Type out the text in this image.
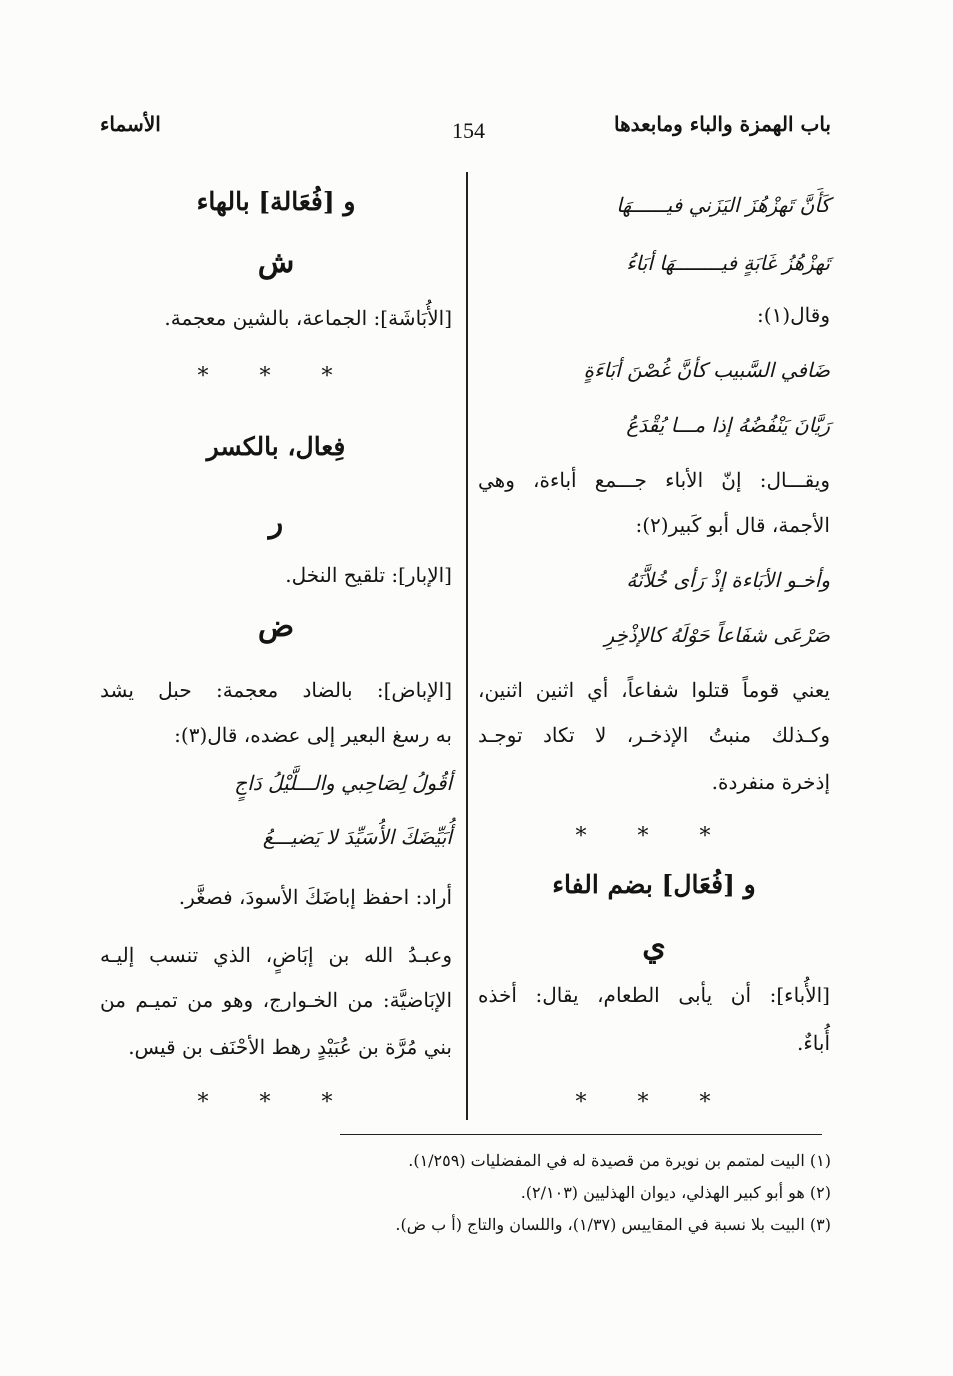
باب الهمزة والباء ومابعدها
154
الأسماء
كَأَنَّ تَهزْهُزَ اليَزَني فيــــــهَا
تَهزْهُزُ غَابَةٍ فيــــــــهَا أبَاءُ
وقال(١):
ضَافي السَّبيب كأنَّ غُصْنَ أبَاءَةٍ
رَيَّانَ يَنْفُضُهُ إذا مـــا يُقْدَعُ
ويقـــال: إنّ الأباء جـــمع أباءة، وهي
الأجمة، قال أبو كَبير(٢):
وأخـو الأبَاءة إذْ رَأى خُلاَّنَهُ
صَرْعَى شفَاعاً حَوْلَهُ كالإذْخِرِ
يعني قوماً قتلوا شفاعاً، أي اثنين اثنين،
وكـذلك منبتُ الإذخـر، لا تكاد توجـد
إذخرة منفردة.
* * *
و [فُعَال] بضم الفاء
ي
[الأُباء]: أن يأبى الطعام، يقال: أخذه
أُباءٌ.
* * *
و [فُعَالة] بالهاء
ش
[الأُبَاشَة]: الجماعة، بالشين معجمة.
* * *
فِعال، بالكسر
ر
[الإبار]: تلقيح النخل.
ض
[الإباض]: بالضاد معجمة: حبل يشد
به رسغ البعير إلى عضده، قال(٣):
أقُولُ لِصَاحِبي والـــلَّيْلُ دَاجٍ
أُبَيِّضَكَ الأُسَيِّدَ لا يَضيـــعُ
أراد: احفظ إباضَكَ الأسودَ، فصغَّر.
وعبـدُ الله بن إبَاضٍ، الذي تنسب إليـه
الإبَاضيَّة: من الخـوارج، وهو من تميـم من
بني مُرَّة بن عُبَيْدٍ رهط الأحْنَف بن قيس.
* * *
(١) البيت لمتمم بن نويرة من قصيدة له في المفضليات (١/٢٥٩).
(٢) هو أبو كبير الهذلي، ديوان الهذليين (٢/١٠٣).
(٣) البيت بلا نسبة في المقاييس (١/٣٧)، واللسان والتاج (أ ب ض).
